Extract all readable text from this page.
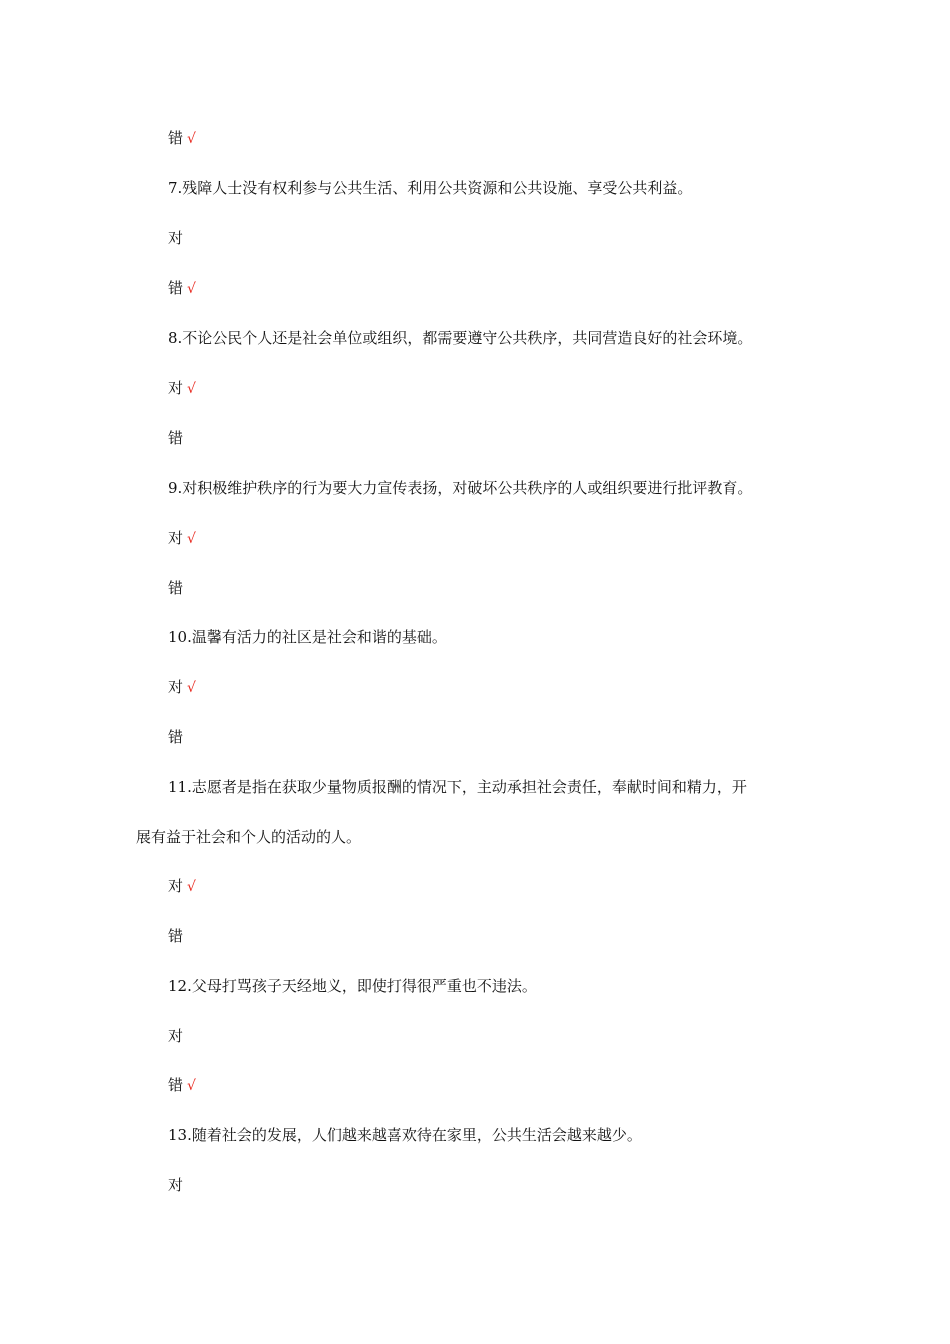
错 √
7.残障人士没有权利参与公共生活、利用公共资源和公共设施、享受公共利益。
对
错 √
8.不论公民个人还是社会单位或组织，都需要遵守公共秩序，共同营造良好的社会环境。
对 √
错
9.对积极维护秩序的行为要大力宣传表扬，对破坏公共秩序的人或组织要进行批评教育。
对 √
错
10.温馨有活力的社区是社会和谐的基础。
对 √
错
11.志愿者是指在获取少量物质报酬的情况下，主动承担社会责任，奉献时间和精力，开
展有益于社会和个人的活动的人。
对 √
错
12.父母打骂孩子天经地义，即使打得很严重也不违法。
对
错 √
13.随着社会的发展，人们越来越喜欢待在家里，公共生活会越来越少。
对
